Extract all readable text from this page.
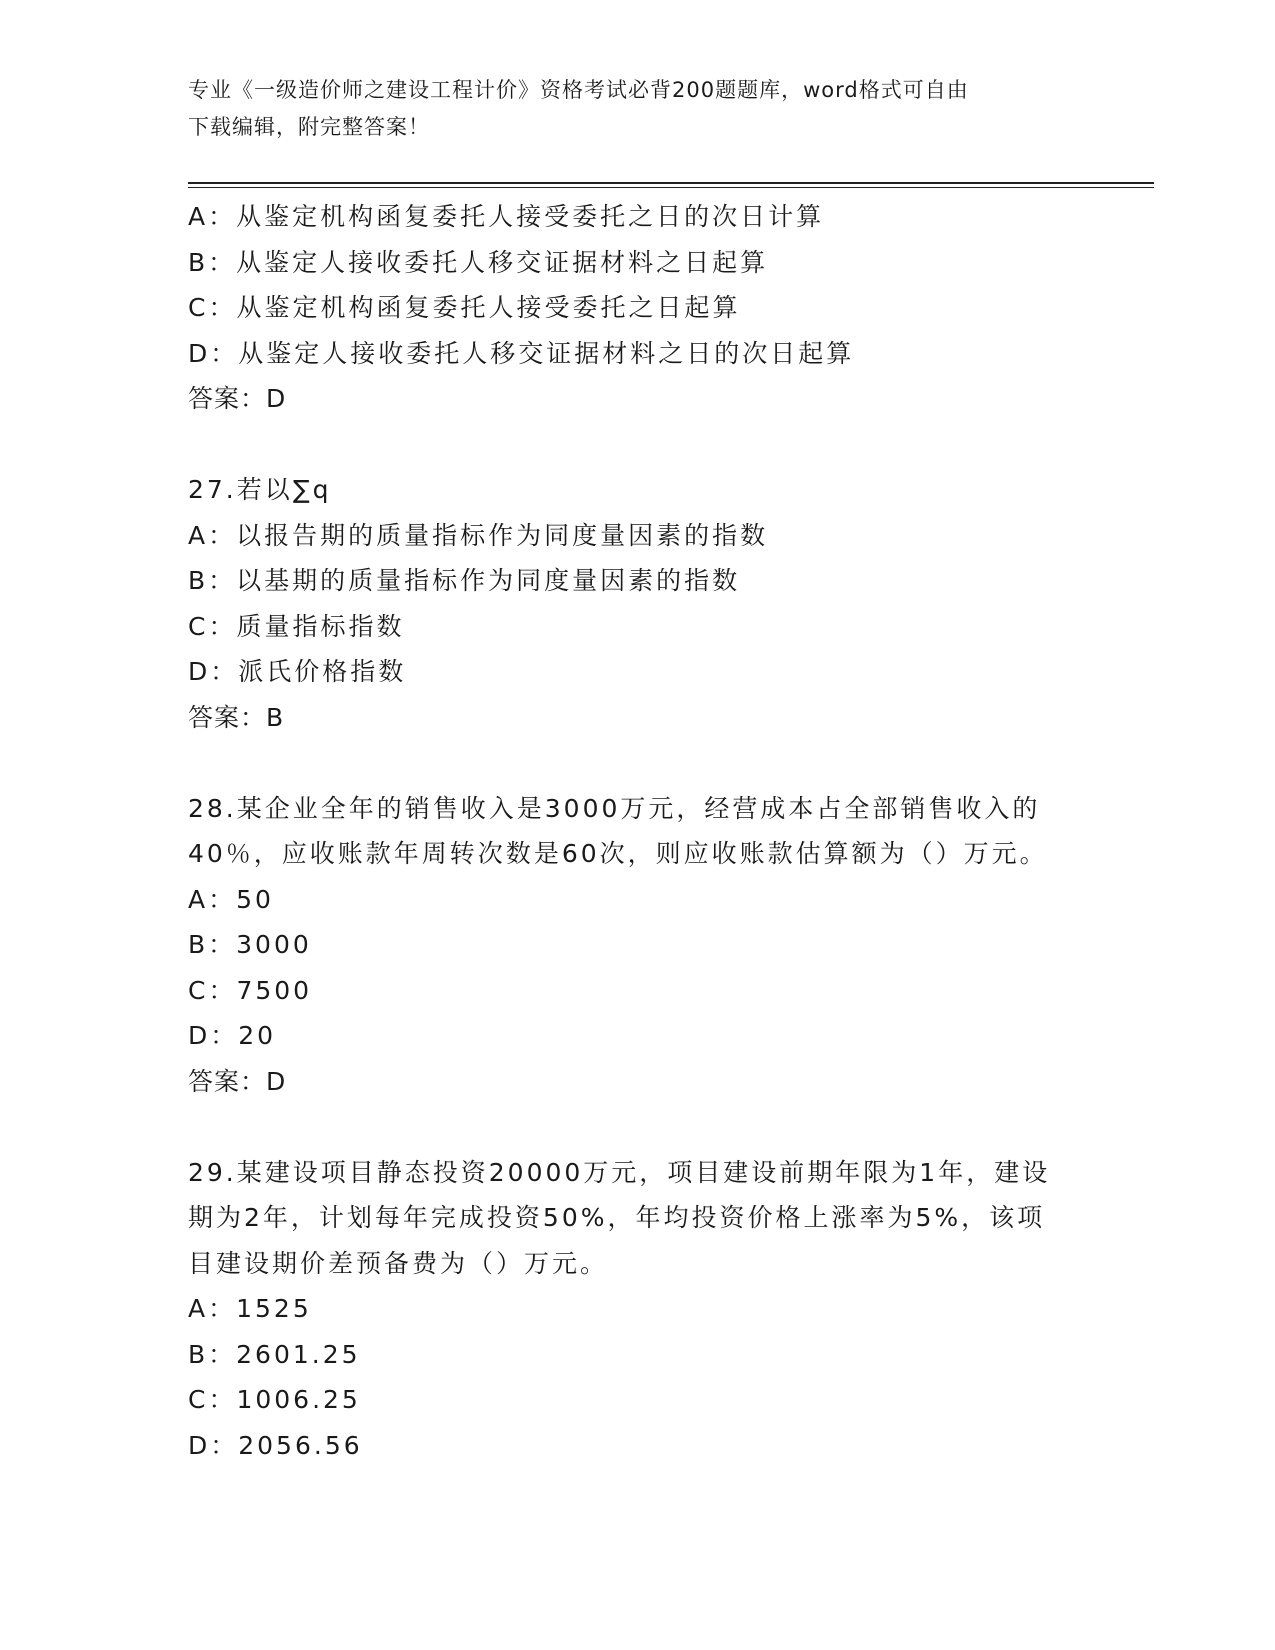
专业《一级造价师之建设工程计价》资格考试必背200题题库，word格式可自由
下载编辑，附完整答案！
A：从鉴定机构函复委托人接受委托之日的次日计算
B：从鉴定人接收委托人移交证据材料之日起算
C：从鉴定机构函复委托人接受委托之日起算
D：从鉴定人接收委托人移交证据材料之日的次日起算
答案：D
27.若以∑q
A：以报告期的质量指标作为同度量因素的指数
B：以基期的质量指标作为同度量因素的指数
C：质量指标指数
D：派氏价格指数
答案：B
28.某企业全年的销售收入是3000万元，经营成本占全部销售收入的
40％，应收账款年周转次数是60次，则应收账款估算额为（）万元。
A：50
B：3000
C：7500
D：20
答案：D
29.某建设项目静态投资20000万元，项目建设前期年限为1年，建设
期为2年，计划每年完成投资50%，年均投资价格上涨率为5%，该项
目建设期价差预备费为（）万元。
A：1525
B：2601.25
C：1006.25
D：2056.56
